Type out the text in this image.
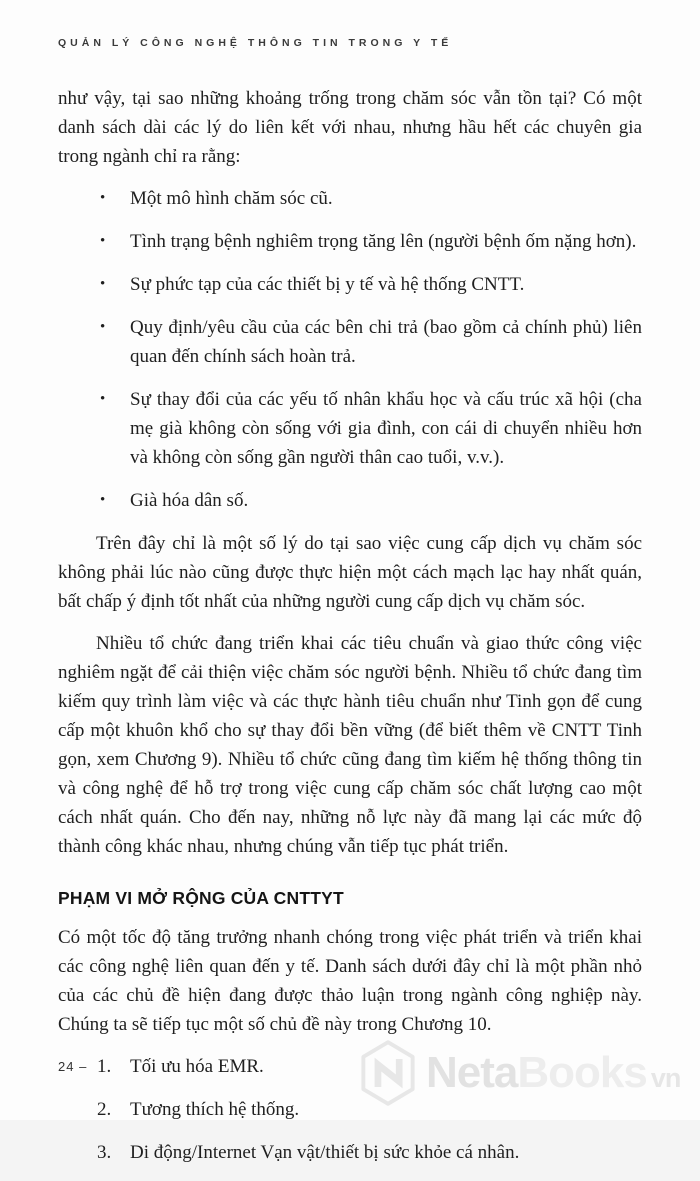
QUẢN LÝ CÔNG NGHỆ THÔNG TIN TRONG Y TẾ

như vậy, tại sao những khoảng trống trong chăm sóc vẫn tồn tại? Có một danh sách dài các lý do liên kết với nhau, nhưng hầu hết các chuyên gia trong ngành chỉ ra rằng:

• Một mô hình chăm sóc cũ.
• Tình trạng bệnh nghiêm trọng tăng lên (người bệnh ốm nặng hơn).
• Sự phức tạp của các thiết bị y tế và hệ thống CNTT.
• Quy định/yêu cầu của các bên chi trả (bao gồm cả chính phủ) liên quan đến chính sách hoàn trả.
• Sự thay đổi của các yếu tố nhân khẩu học và cấu trúc xã hội (cha mẹ già không còn sống với gia đình, con cái di chuyển nhiều hơn và không còn sống gần người thân cao tuổi, v.v.).
• Già hóa dân số.

Trên đây chỉ là một số lý do tại sao việc cung cấp dịch vụ chăm sóc không phải lúc nào cũng được thực hiện một cách mạch lạc hay nhất quán, bất chấp ý định tốt nhất của những người cung cấp dịch vụ chăm sóc.

Nhiều tổ chức đang triển khai các tiêu chuẩn và giao thức công việc nghiêm ngặt để cải thiện việc chăm sóc người bệnh. Nhiều tổ chức đang tìm kiếm quy trình làm việc và các thực hành tiêu chuẩn như Tinh gọn để cung cấp một khuôn khổ cho sự thay đổi bền vững (để biết thêm về CNTT Tinh gọn, xem Chương 9). Nhiều tổ chức cũng đang tìm kiếm hệ thống thông tin và công nghệ để hỗ trợ trong việc cung cấp chăm sóc chất lượng cao một cách nhất quán. Cho đến nay, những nỗ lực này đã mang lại các mức độ thành công khác nhau, nhưng chúng vẫn tiếp tục phát triển.

PHẠM VI MỞ RỘNG CỦA CNTTYT

Có một tốc độ tăng trưởng nhanh chóng trong việc phát triển và triển khai các công nghệ liên quan đến y tế. Danh sách dưới đây chỉ là một phần nhỏ của các chủ đề hiện đang được thảo luận trong ngành công nghiệp này. Chúng ta sẽ tiếp tục một số chủ đề này trong Chương 10.

Tối ưu hóa EMR.
Tương thích hệ thống.
Di động/Internet Vạn vật/thiết bị sức khỏe cá nhân.
24 –	NetaBooks vn
